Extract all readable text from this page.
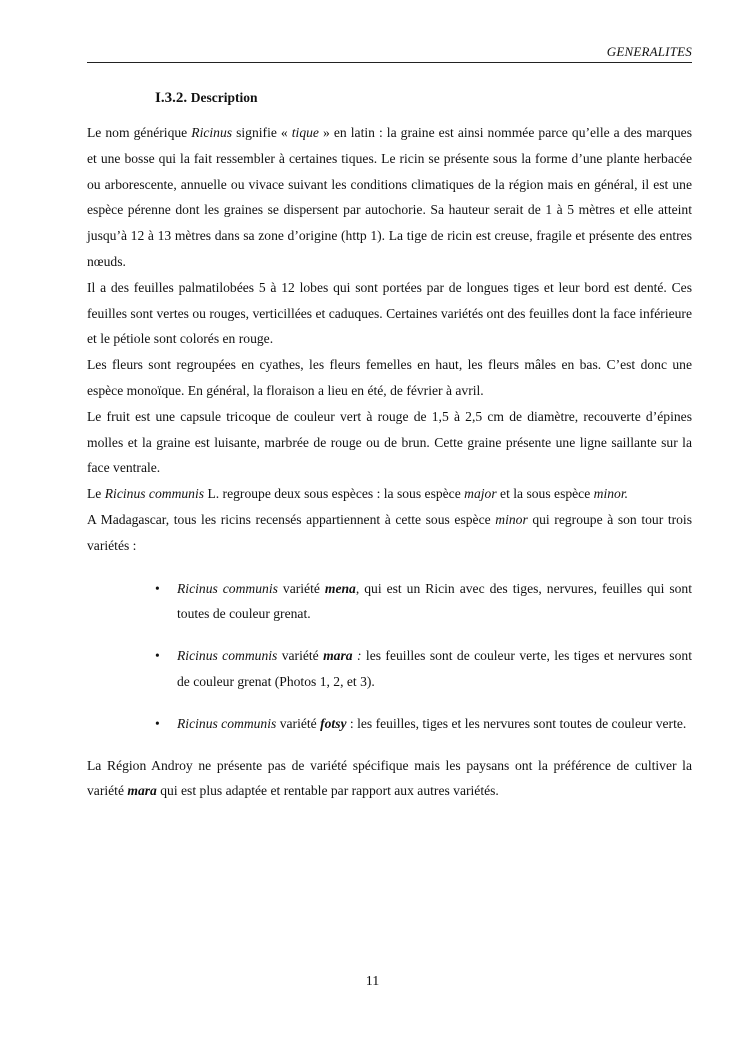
GENERALITES
I.3.2. Description

Le nom générique Ricinus signifie « tique » en latin : la graine est ainsi nommée parce qu’elle a des marques et une bosse qui la fait ressembler à certaines tiques. Le ricin se présente sous la forme d’une plante herbacée ou arborescente, annuelle ou vivace suivant les conditions climatiques de la région mais en général, il est une espèce pérenne dont les graines se dispersent par autochorie. Sa hauteur serait de 1 à 5 mètres et elle atteint jusqu’à 12 à 13 mètres dans sa zone d’origine (http 1). La tige de ricin est creuse, fragile et présente des entres nœuds.

Il a des feuilles palmatilobées 5 à 12 lobes qui sont portées par de longues tiges et leur bord est denté. Ces feuilles sont vertes ou rouges, verticillées et caduques. Certaines variétés ont des feuilles dont la face inférieure et le pétiole sont colorés en rouge.

Les fleurs sont regroupées en cyathes, les fleurs femelles en haut, les fleurs mâles en bas. C’est donc une espèce monoïque. En général, la floraison a lieu en été, de février à avril.

Le fruit est une capsule tricoque de couleur vert à rouge de 1,5 à 2,5 cm de diamètre, recouverte d’épines molles et la graine est luisante, marbrée de rouge ou de brun. Cette graine présente une ligne saillante sur la face ventrale.

Le Ricinus communis L. regroupe deux sous espèces : la sous espèce major et la sous espèce minor.

A Madagascar, tous les ricins recensés appartiennent à cette sous espèce minor qui regroupe à son tour trois variétés :

• Ricinus communis variété mena, qui est un Ricin avec des tiges, nervures, feuilles qui sont toutes de couleur grenat.
• Ricinus communis variété mara : les feuilles sont de couleur verte, les tiges et nervures sont de couleur grenat (Photos 1, 2, et 3).
• Ricinus communis variété fotsy : les feuilles, tiges et les nervures sont toutes de couleur verte.

La Région Androy ne présente pas de variété spécifique mais les paysans ont la préférence de cultiver la variété mara qui est plus adaptée et rentable par rapport aux autres variétés.

11
